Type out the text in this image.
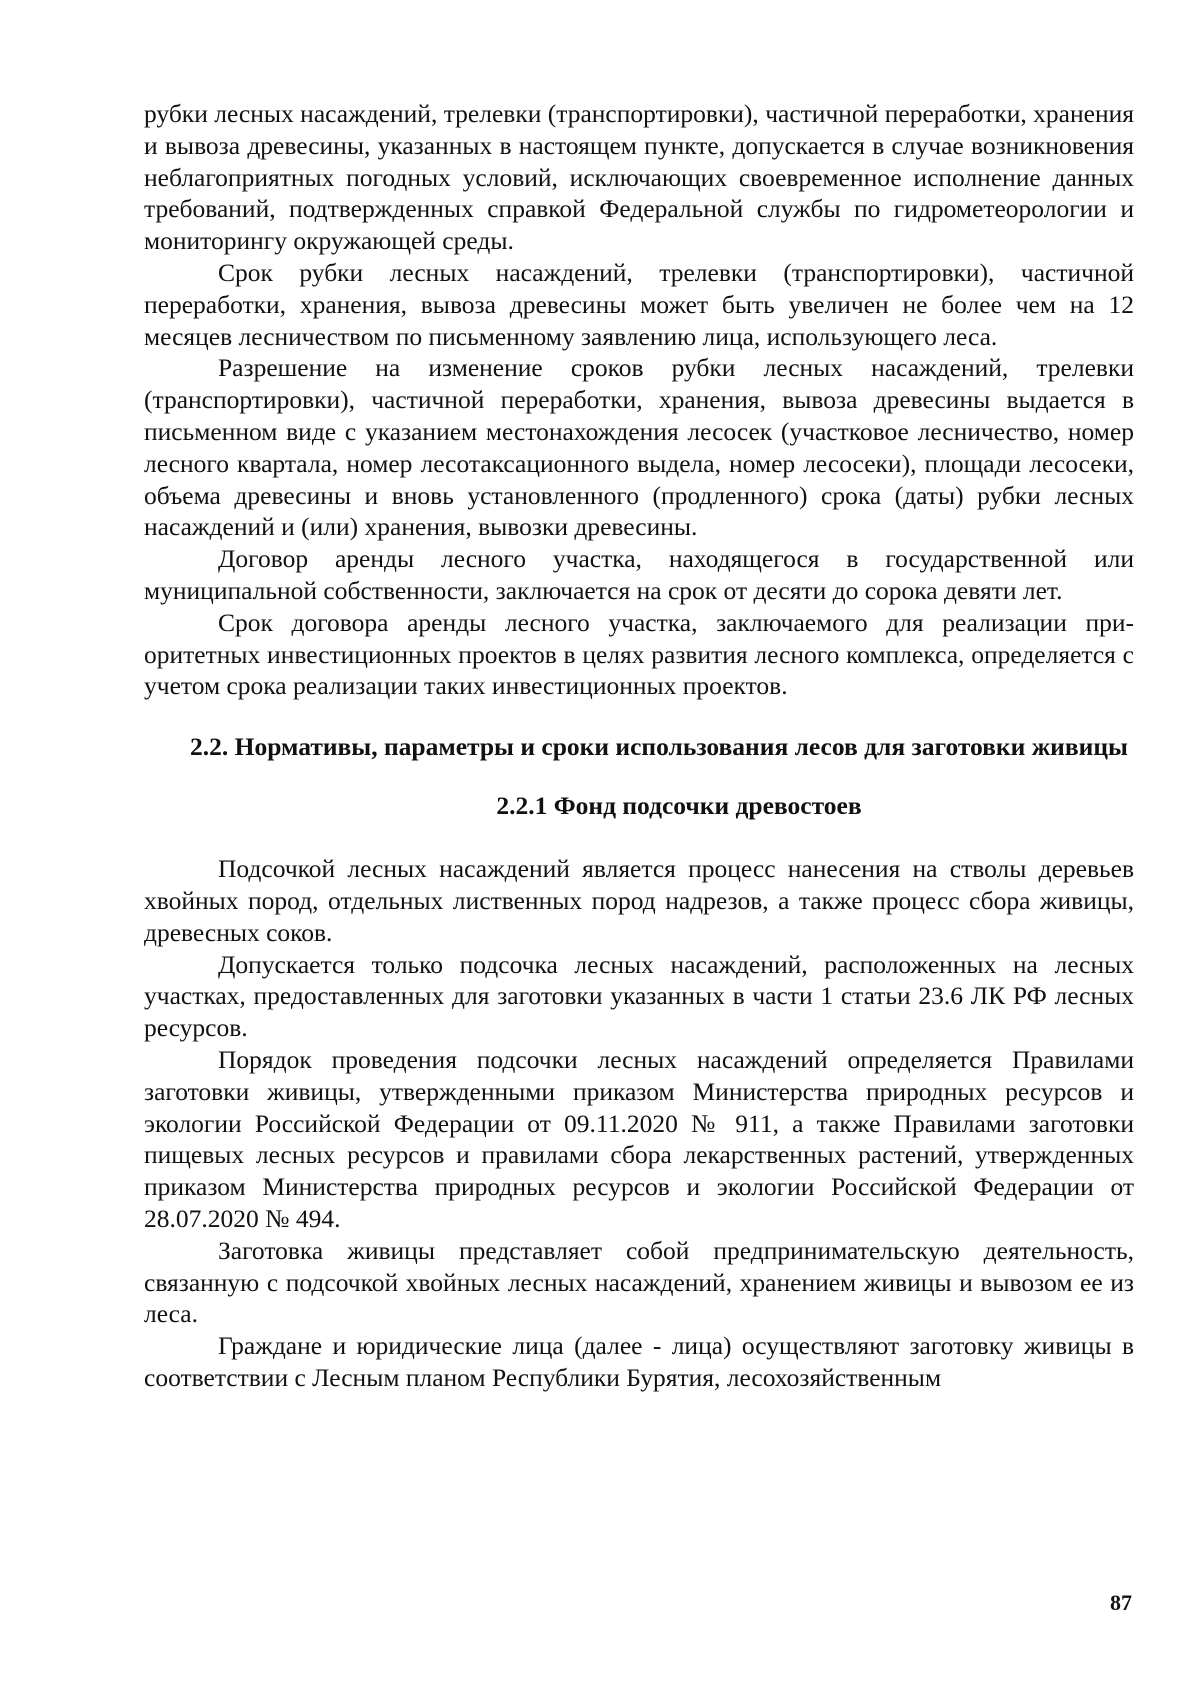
рубки лесных насаждений, трелевки (транспортировки), частичной переработки, хранения и вывоза древесины, указанных в настоящем пункте, допускается в случае возникновения неблагоприятных погодных условий, исключающих своевременное исполнение данных требований, подтвержденных справкой Федеральной службы по гидрометеорологии и мониторингу окружающей среды.

Срок рубки лесных насаждений, трелевки (транспортировки), частичной переработки, хранения, вывоза древесины может быть увеличен не более чем на 12 месяцев лесничеством по письменному заявлению лица, использующего леса.

Разрешение на изменение сроков рубки лесных насаждений, трелевки (транспортировки), частичной переработки, хранения, вывоза древесины выдается в письменном виде с указанием местонахождения лесосек (участковое лесничество, номер лесного квартала, номер лесотаксационного выдела, номер лесосеки), площади лесосеки, объема древесины и вновь установленного (продленного) срока (даты) рубки лесных насаждений и (или) хранения, вывозки древесины.

Договор аренды лесного участка, находящегося в государственной или муниципальной собственности, заключается на срок от десяти до сорока девяти лет.

Срок договора аренды лесного участка, заключаемого для реализации приоритетных инвестиционных проектов в целях развития лесного комплекса, определяется с учетом срока реализации таких инвестиционных проектов.

2.2. Нормативы, параметры и сроки использования лесов для заготовки живицы
2.2.1 Фонд подсочки древостоев

Подсочкой лесных насаждений является процесс нанесения на стволы деревьев хвойных пород, отдельных лиственных пород надрезов, а также процесс сбора живицы, древесных соков.

Допускается только подсочка лесных насаждений, расположенных на лесных участках, предоставленных для заготовки указанных в части 1 статьи 23.6 ЛК РФ лесных ресурсов.

Порядок проведения подсочки лесных насаждений определяется Правилами заготовки живицы, утвержденными приказом Министерства природных ресурсов и экологии Российской Федерации от 09.11.2020 № 911, а также Правилами заготовки пищевых лесных ресурсов и правилами сбора лекарственных растений, утвержденных приказом Министерства природных ресурсов и экологии Российской Федерации от 28.07.2020 № 494.

Заготовка живицы представляет собой предпринимательскую деятельность, связанную с подсочкой хвойных лесных насаждений, хранением живицы и вывозом ее из леса.

Граждане и юридические лица (далее - лица) осуществляют заготовку живицы в соответствии с Лесным планом Республики Бурятия, лесохозяйственным

87
